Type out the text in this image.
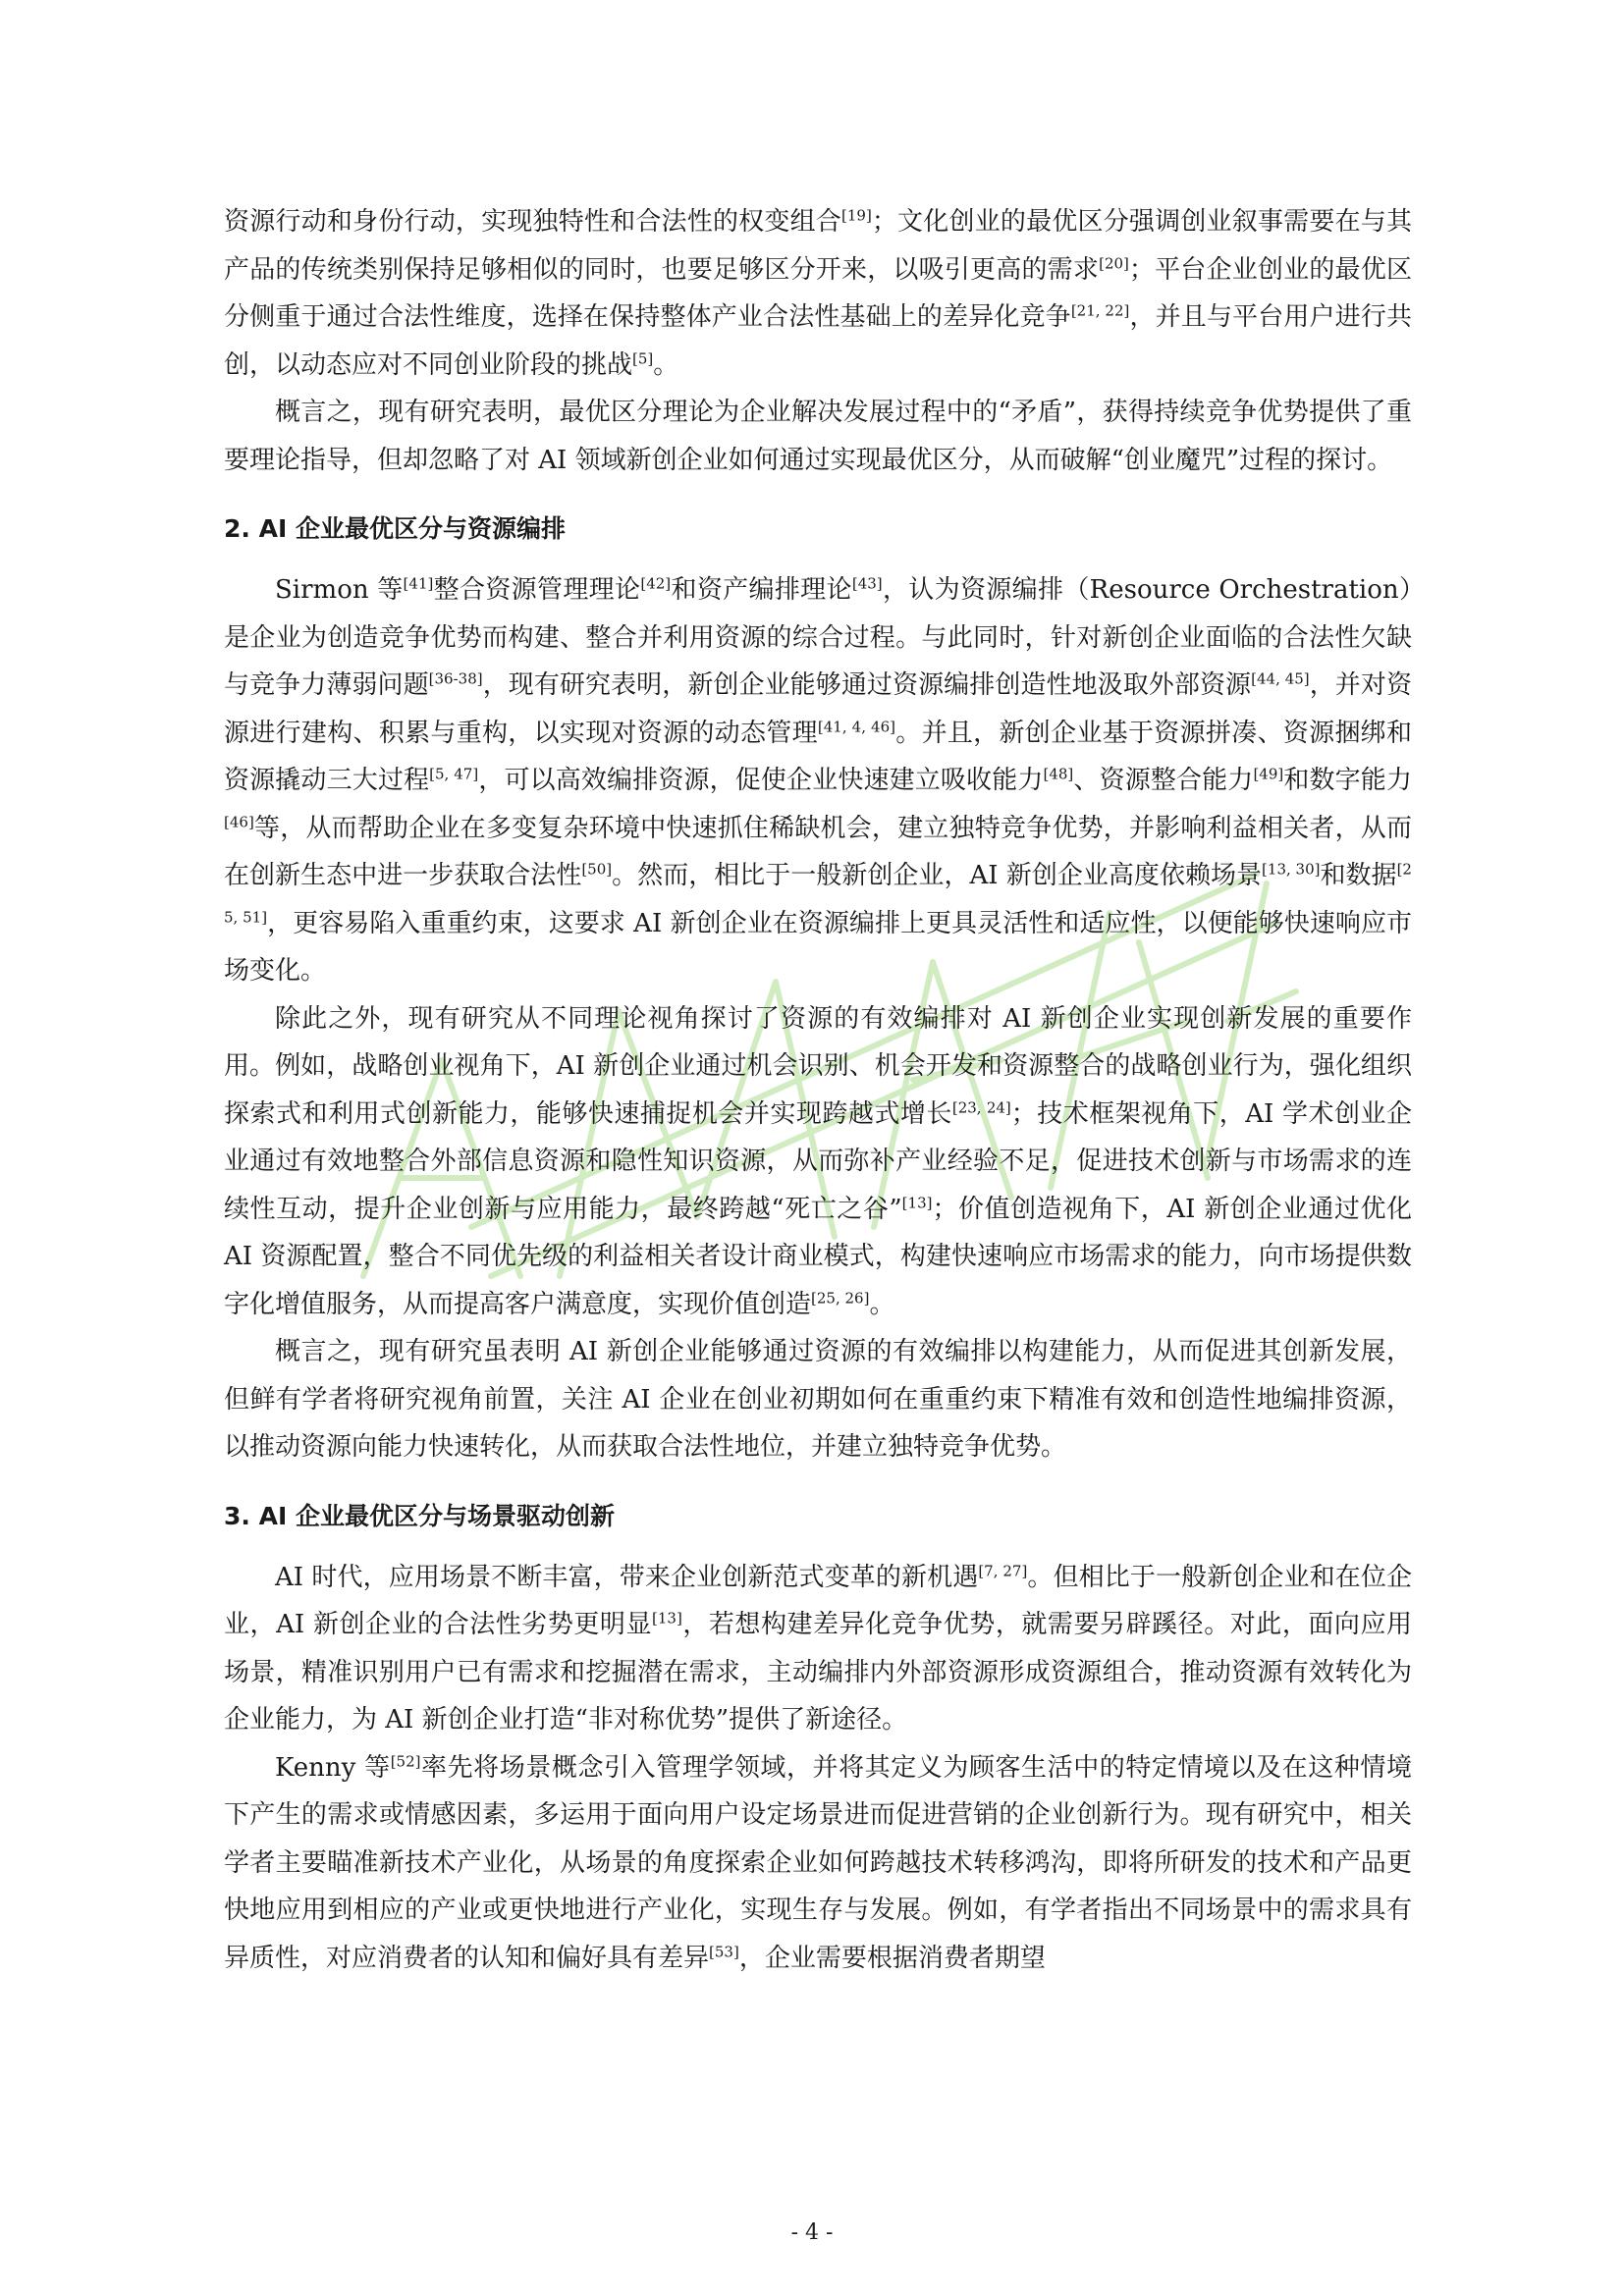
资源行动和身份行动，实现独特性和合法性的权变组合[19]；文化创业的最优区分强调创业叙事需要在与其产品的传统类别保持足够相似的同时，也要足够区分开来，以吸引更高的需求[20]；平台企业创业的最优区分侧重于通过合法性维度，选择在保持整体产业合法性基础上的差异化竞争[21, 22]，并且与平台用户进行共创，以动态应对不同创业阶段的挑战[5]。

概言之，现有研究表明，最优区分理论为企业解决发展过程中的“矛盾”，获得持续竞争优势提供了重要理论指导，但却忽略了对 AI 领域新创企业如何通过实现最优区分，从而破解“创业魔咒”过程的探讨。

2. AI 企业最优区分与资源编排

Sirmon 等[41]整合资源管理理论[42]和资产编排理论[43]，认为资源编排（Resource Orchestration）是企业为创造竞争优势而构建、整合并利用资源的综合过程。与此同时，针对新创企业面临的合法性欠缺与竞争力薄弱问题[36-38]，现有研究表明，新创企业能够通过资源编排创造性地汲取外部资源[44, 45]，并对资源进行建构、积累与重构，以实现对资源的动态管理[41, 4, 46]。并且，新创企业基于资源拼凑、资源捆绑和资源撬动三大过程[5, 47]，可以高效编排资源，促使企业快速建立吸收能力[48]、资源整合能力[49]和数字能力[46]等，从而帮助企业在多变复杂环境中快速抓住稀缺机会，建立独特竞争优势，并影响利益相关者，从而在创新生态中进一步获取合法性[50]。然而，相比于一般新创企业，AI 新创企业高度依赖场景[13, 30]和数据[25, 51]，更容易陷入重重约束，这要求 AI 新创企业在资源编排上更具灵活性和适应性，以便能够快速响应市场变化。

除此之外，现有研究从不同理论视角探讨了资源的有效编排对 AI 新创企业实现创新发展的重要作用。例如，战略创业视角下，AI 新创企业通过机会识别、机会开发和资源整合的战略创业行为，强化组织探索式和利用式创新能力，能够快速捕捉机会并实现跨越式增长[23, 24]；技术框架视角下，AI 学术创业企业通过有效地整合外部信息资源和隐性知识资源，从而弥补产业经验不足，促进技术创新与市场需求的连续性互动，提升企业创新与应用能力，最终跨越“死亡之谷”[13]；价值创造视角下，AI 新创企业通过优化 AI 资源配置，整合不同优先级的利益相关者设计商业模式，构建快速响应市场需求的能力，向市场提供数字化增值服务，从而提高客户满意度，实现价值创造[25, 26]。

概言之，现有研究虽表明 AI 新创企业能够通过资源的有效编排以构建能力，从而促进其创新发展，但鲜有学者将研究视角前置，关注 AI 企业在创业初期如何在重重约束下精准有效和创造性地编排资源，以推动资源向能力快速转化，从而获取合法性地位，并建立独特竞争优势。

3. AI 企业最优区分与场景驱动创新

AI 时代，应用场景不断丰富，带来企业创新范式变革的新机遇[7, 27]。但相比于一般新创企业和在位企业，AI 新创企业的合法性劣势更明显[13]，若想构建差异化竞争优势，就需要另辟蹊径。对此，面向应用场景，精准识别用户已有需求和挖掘潜在需求，主动编排内外部资源形成资源组合，推动资源有效转化为企业能力，为 AI 新创企业打造“非对称优势”提供了新途径。

Kenny 等[52]率先将场景概念引入管理学领域，并将其定义为顾客生活中的特定情境以及在这种情境下产生的需求或情感因素，多运用于面向用户设定场景进而促进营销的企业创新行为。现有研究中，相关学者主要瞄准新技术产业化，从场景的角度探索企业如何跨越技术转移鸿沟，即将所研发的技术和产品更快地应用到相应的产业或更快地进行产业化，实现生存与发展。例如，有学者指出不同场景中的需求具有异质性，对应消费者的认知和偏好具有差异[53]，企业需要根据消费者期望

- 4 -
